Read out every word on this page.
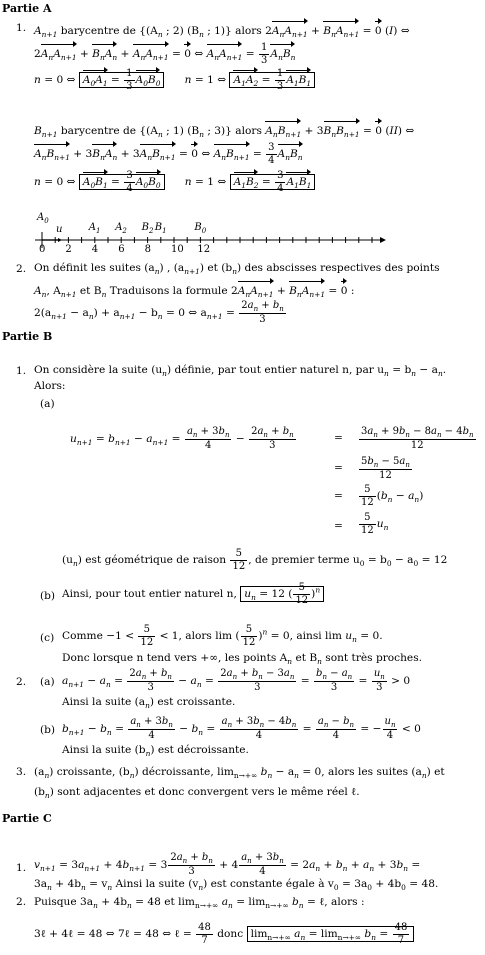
Partie A
1. $A_{n+1}$ barycentre de {($A_n$ ; 2) ($B_n$ ; 1)} alors $2A_nA_{n+1} + B_nA_{n+1} = 0$ (I) ⇔
$2A_nA_{n+1} + B_nA_n + A_nA_{n+1} = 0$ ⇔ $A_nA_{n+1} = \frac{1}{3} A_nB_n$
n = 0 ⇔ $A_0A_1 = \frac{1}{3} A_0B_0$ n = 1 ⇔ $A_1A_2 = \frac{1}{3} A_1B_1$
$B_{n+1}$ barycentre de {($A_n$ ; 1) ($B_n$ ; 3)} alors $A_nB_{n+1} + 3B_nB_{n+1} = 0$ (II) ⇔
$A_nB_{n+1} + 3B_nA_n + 3A_nB_{n+1} = 0$ ⇔ $A_nB_{n+1} = \frac{3}{4} A_nB_n$
n = 0 ⇔ $A_0B_1 = \frac{3}{4} A_0B_0$ n = 1 ⇔ $A_1B_2 = \frac{3}{4} A_1B_1$
$A_0$
u	$A_1$ $A_2$ $B_2$ $B_1$	$B_0$
0 2 4 6 8 10 12
2. On définit les suites $(a_n)$ , $(a_{n+1})$ et $(b_n)$ des abscisses respectives des points
$A_n$, $A_{n+1}$ et $B_n$ Traduisons la formule $2A_nA_{n+1} + B_nA_{n+1} = 0$ :
$2(a_{n+1} - a_n) + a_{n+1} - b_n = 0$ ⇔ $a_{n+1} = \frac{2a_n + b_n}{3}$
Partie B
1. On considère la suite $(u_n)$ définie, par tout entier naturel n, par $u_n = b_n - a_n$.
Alors:
(a)
$u_{n+1} = b_{n+1} - a_{n+1} = \frac{a_n + 3b_n}{4} - \frac{2a_n + b_n}{3}$	= $\frac{3a_n + 9b_n - 8a_n - 4b_n}{12}$
= $\frac{5b_n - 5a_n}{12}$
= $\frac{5}{12} (b_n - a_n)$
= $\frac{5}{12} u_n$
$(u_n)$ est géométrique de raison $\frac{5}{12}$ , de premier terme $u_0 = b_0 - a_0 = 12$
(b) Ainsi, pour tout entier naturel n, $u_n = 12$ ( $\frac{5}{12} )^n$
(c) Comme $-1 < \frac{5}{12} < 1$, alors lim ( $\frac{5}{12} )^n = 0$, ainsi $\lim u_n = 0$.
Donc lorsque n tend vers +∞, les points $A_n$ et $B_n$ sont très proches.
2. (a) $a_{n+1} - a_n = \frac{2a_n + b_n}{3} - a_n = \frac{2a_n + b_n - 3a_n}{3} = \frac{b_n - a_n}{3} = \frac{u_n}{3} > 0$
Ainsi la suite $(a_n)$ est croissante.
(b) $b_{n+1} - b_n = \frac{a_n + 3b_n}{4} - b_n = \frac{a_n + 3b_n - 4b_n}{4} = \frac{a_n - b_n}{4}$ = − $\frac{u_n}{4} < 0$
Ainsi la suite $(b_n)$ est décroissante.
3. $(a_n)$ croissante, $(b_n)$ décroissante, $\lim_{n\to+\infty} b_n - a_n = 0$, alors les suites $(a_n)$ et
$(b_n)$ sont adjacentes et donc convergent vers le même réel ℓ.
Partie C
1. $v_{n+1} = 3a_{n+1} + 4b_{n+1} = 3 \frac{2a_n + b_n}{3} + 4 \frac{a_n + 3b_n}{4} = 2a_n + b_n + a_n + 3b_n$ =
$3a_n + 4b_n = v_n$ Ainsi la suite $(v_n)$ est constante égale à $v_0 = 3a_0 + 4b_0 = 48$.
2. Puisque $3a_n + 4b_n = 48$ et $\lim_{n\to+\infty} a_n = \lim_{n\to+\infty} b_n$ = ℓ, alors :
3ℓ + 4ℓ = 48 ⇔ 7ℓ = 48 ⇔ ℓ = $\frac{48}{7}$ donc $\lim_{n\to+\infty} a_n = \lim_{n\to+\infty} b_n = \frac{48}{7}$
